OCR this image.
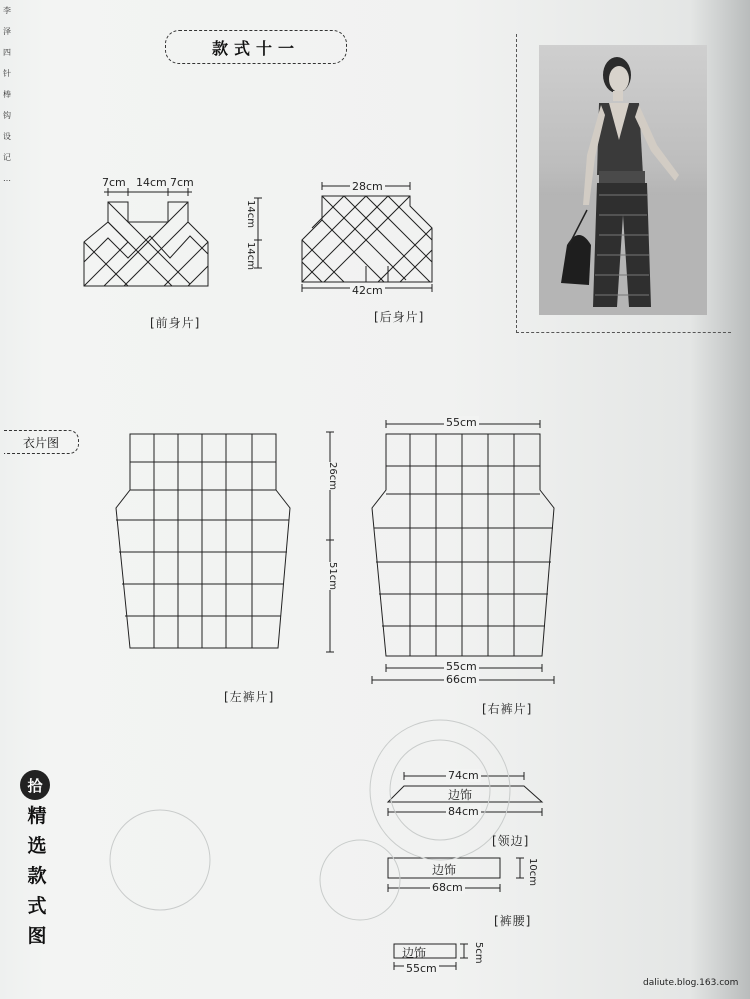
李
泽
四
针
棒
钩
设
记
…
款式十一
7cm 14cm 7cm
14cm
14cm
[前身片]
28cm
42cm
[后身片]
衣片图
26cm
51cm
[左裤片]
55cm
55cm
66cm
[右裤片]
74cm
边饰
84cm
[领边]
边饰
68cm
10cm
[裤腰]
边饰
55cm
5cm
拾
精
选
款
式
图
daliute.blog.163.com
